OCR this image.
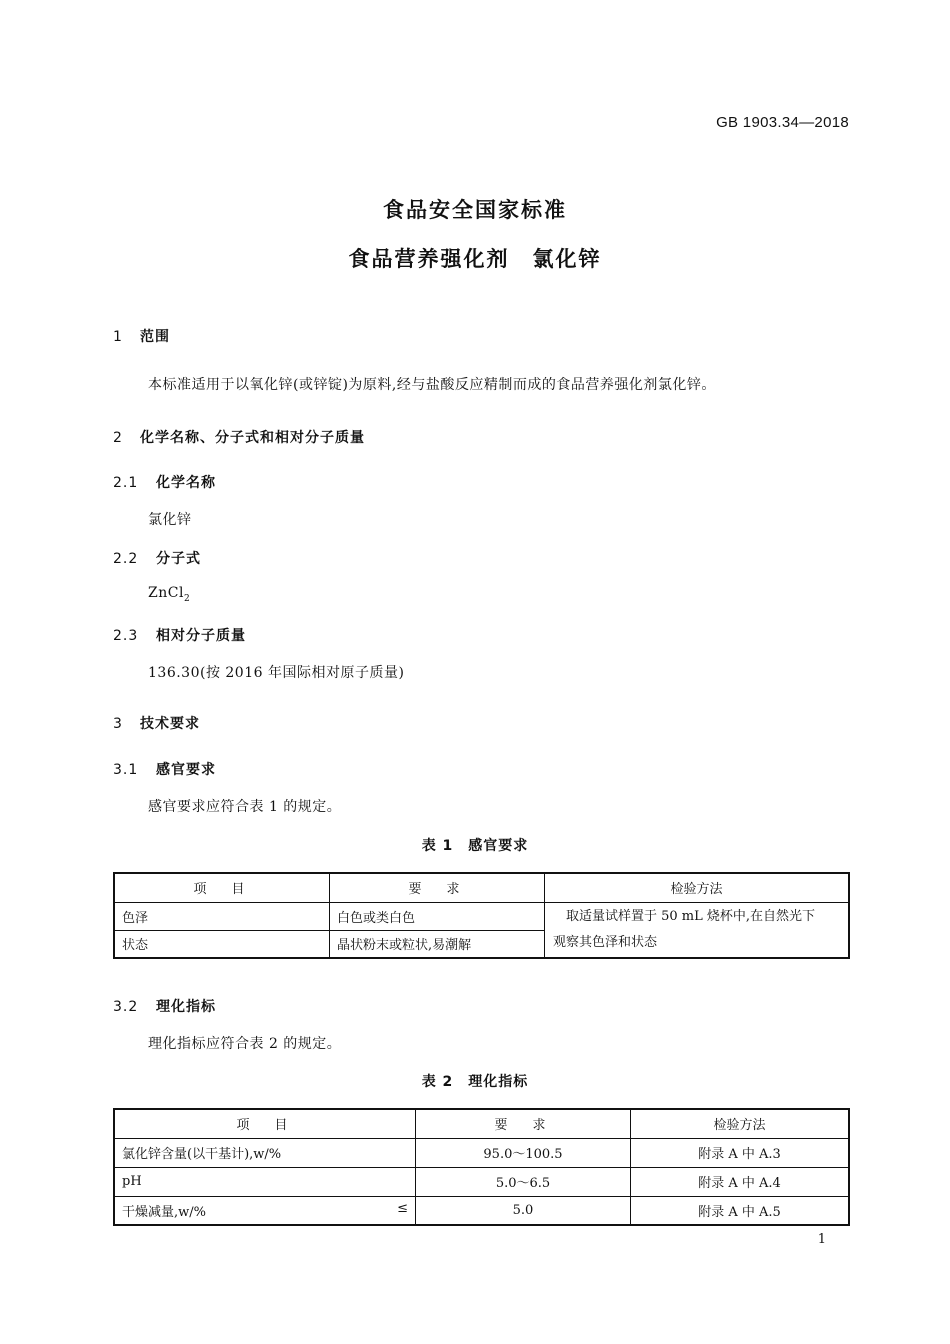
GB 1903.34—2018
食品安全国家标准
食品营养强化剂　氯化锌
1 范围
本标准适用于以氧化锌(或锌锭)为原料,经与盐酸反应精制而成的食品营养强化剂氯化锌。
2 化学名称、分子式和相对分子质量
2.1 化学名称
氯化锌
2.2 分子式
ZnCl$_2$
2.3 相对分子质量
136.30(按 2016 年国际相对原子质量)
3 技术要求
3.1 感官要求
感官要求应符合表 1 的规定。
表 1　感官要求
项　目	要　求	检验方法
色泽	白色或类白色	取适量试样置于 50 mL 烧杯中,在自然光下
观察其色泽和状态

状态	晶状粉末或粒状,易潮解	
3.2 理化指标
理化指标应符合表 2 的规定。
表 2　理化指标
项　目	要　求	检验方法
氯化锌含量(以干基计),w/%	95.0～100.5	附录 A 中 A.3
pH	5.0～6.5	附录 A 中 A.4
干燥减量,w/% ≤	5.0	附录 A 中 A.5
1
